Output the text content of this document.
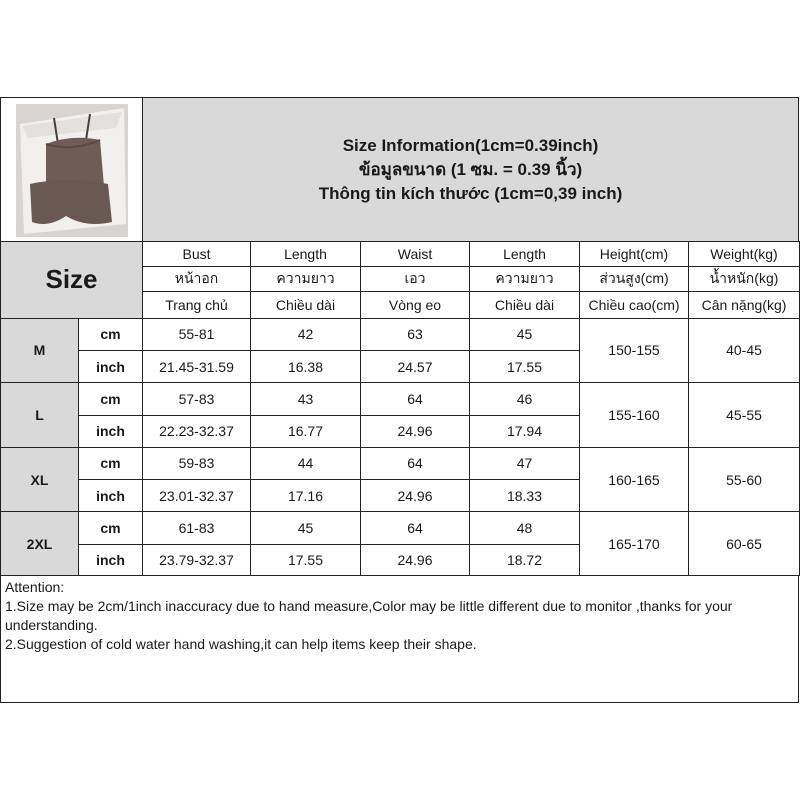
Size Information(1cm=0.39inch)
ข้อมูลขนาด (1 ซม. = 0.39 นิ้ว)
Thông tin kích thước (1cm=0,39 inch)
Size		Bust	Length	Waist	Length	Height(cm)	Weight(kg)
		หน้าอก	ความยาว	เอว	ความยาว	ส่วนสูง(cm)	น้ำหนัก(kg)
		Trang chủ	Chiều dài	Vòng eo	Chiều dài	Chiều cao(cm)	Cân nặng(kg)
M	cm	55-81	42	63	45	150-155	40-45
	inch	21.45-31.59	16.38	24.57	17.55		
L	cm	57-83	43	64	46	155-160	45-55
	inch	22.23-32.37	16.77	24.96	17.94		
XL	cm	59-83	44	64	47	160-165	55-60
	inch	23.01-32.37	17.16	24.96	18.33		
2XL	cm	61-83	45	64	48	165-170	60-65
	inch	23.79-32.37	17.55	24.96	18.72		
Attention:
1.Size may be 2cm/1inch inaccuracy due to hand measure,Color may be little different due to monitor ,thanks for your understanding.
2.Suggestion of cold water hand washing,it can help items keep their shape.
